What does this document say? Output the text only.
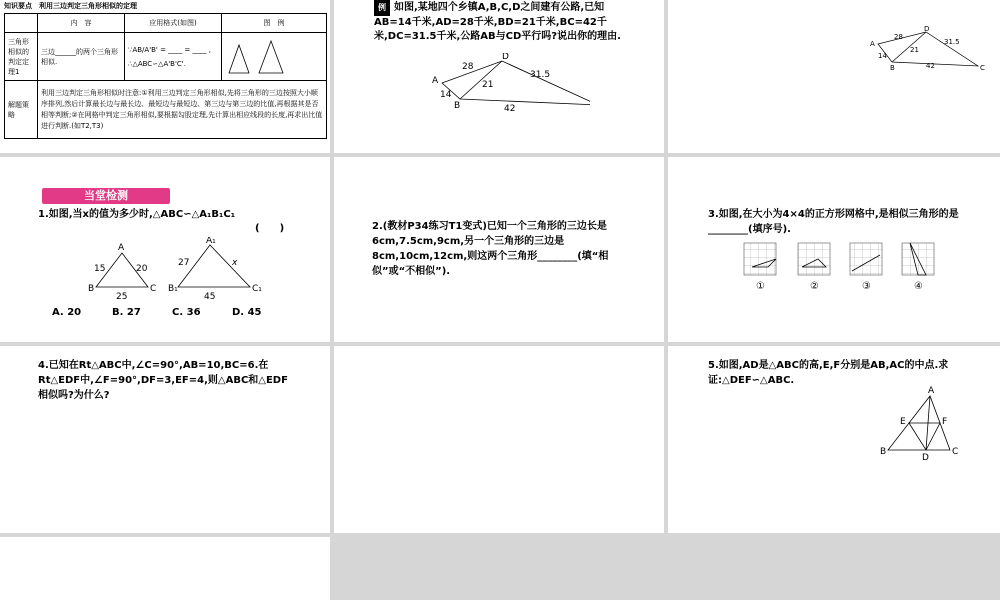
知识要点　利用三边判定三角形相似的定理
	内　容	应用格式(如图)	图　例
三角形相似的判定定理1	三边______的两个三角形相似.	∵AB/A'B' = ____ = ____ ,
∴△ABC∽△A'B'C'.

解题策略	利用三边判定三角形相似时注意:①利用三边判定三角形相似,先将三角形的三边按照大小顺序排列,然后计算最长边与最长边、最短边与最短边、第三边与第三边的比值,再根据其是否相等判断;②在网格中判定三角形相似,要根据勾股定理,先计算出相应线段的长度,再求出比值进行判断.(如T2,T3)		
例 如图,某地四个乡镇A,B,C,D之间建有公路,已知AB=14千米,AD=28千米,BD=21千米,BC=42千米,DC=31.5千米,公路AB与CD平行吗?说出你的理由.
A
B
D
28
14
21
31.5
42
A
B	C
D
28
14
21
31.5
42
当堂检测
1.如图,当x的值为多少时,△ABC∽△A₁B₁C₁
(　　)
A
B	C
15	20
25
A₁
B₁	C₁
27	x
45
A. 20	B. 27	C. 36	D. 45
2.(教材P34练习T1变式)已知一个三角形的三边长是6cm,7.5cm,9cm,另一个三角形的三边是8cm,10cm,12cm,则这两个三角形________(填“相似”或“不相似”).
3.如图,在大小为4×4的正方形网格中,是相似三角形的是________(填序号).
①	②	③	④
4.已知在Rt△ABC中,∠C=90°,AB=10,BC=6.在Rt△EDF中,∠F=90°,DF=3,EF=4,则△ABC和△EDF相似吗?为什么?
5.如图,AD是△ABC的高,E,F分别是AB,AC的中点.求证:△DEF∽△ABC.
A
B	C
D
E	F
